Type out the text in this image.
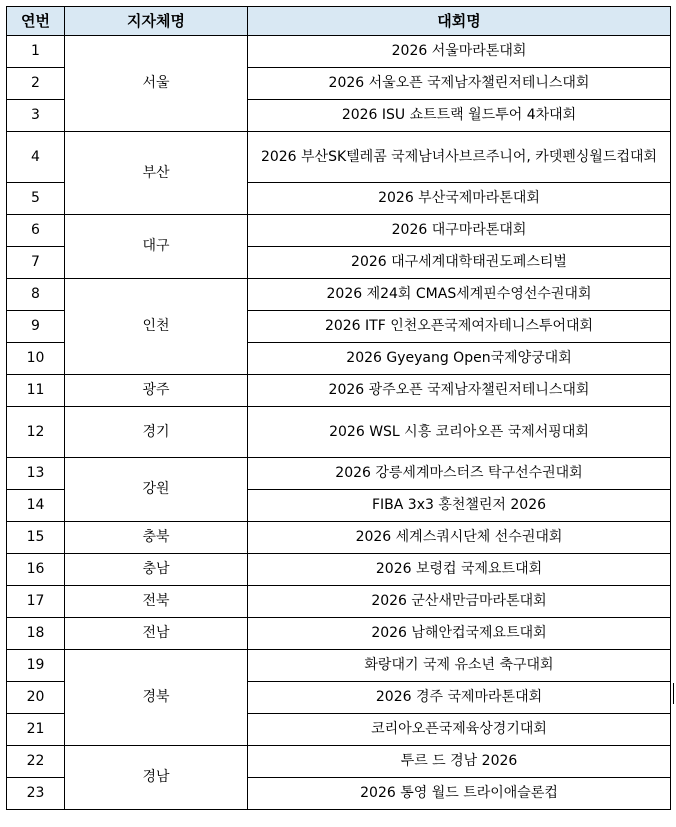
연번	지자체명	대회명
1	서울	2026 서울마라톤대회
2		2026 서울오픈 국제남자챌린저테니스대회
3		2026 ISU 쇼트트랙 월드투어 4차대회
4	부산	2026 부산SK텔레콤 국제남녀사브르주니어, 카뎃펜싱월드컵대회
5		2026 부산국제마라톤대회
6	대구	2026 대구마라톤대회
7		2026 대구세계대학태권도페스티벌
8	인천	2026 제24회 CMAS세계핀수영선수권대회
9		2026 ITF 인천오픈국제여자테니스투어대회
10		2026 Gyeyang Open국제양궁대회
11	광주	2026 광주오픈 국제남자챌린저테니스대회
12	경기	2026 WSL 시흥 코리아오픈 국제서핑대회
13	강원	2026 강릉세계마스터즈 탁구선수권대회
14		FIBA 3x3 홍천챌린저 2026
15	충북	2026 세계스쿼시단체 선수권대회
16	충남	2026 보령컵 국제요트대회
17	전북	2026 군산새만금마라톤대회
18	전남	2026 남해안컵국제요트대회
19	경북	화랑대기 국제 유소년 축구대회
20		2026 경주 국제마라톤대회
21		코리아오픈국제육상경기대회
22	경남	투르 드 경남 2026
23		2026 통영 월드 트라이애슬론컵
